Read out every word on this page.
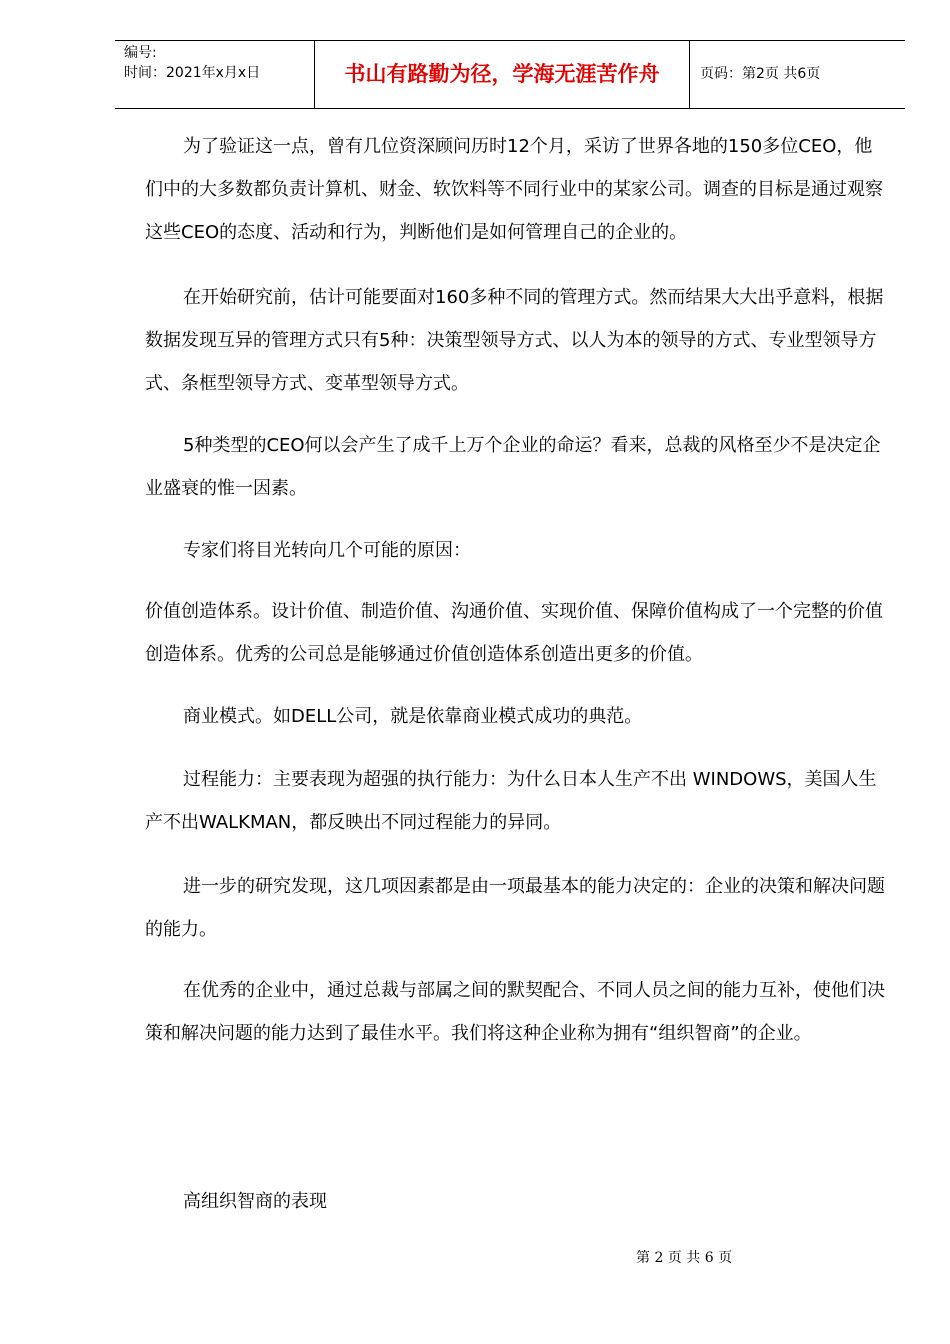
编号:
时间：2021年x月x日	书山有路勤为径，学海无涯苦作舟	页码：第2页 共6页

为了验证这一点，曾有几位资深顾问历时12个月，采访了世界各地的150多位CEO，他们中的大多数都负责计算机、财金、软饮料等不同行业中的某家公司。调查的目标是通过观察这些CEO的态度、活动和行为，判断他们是如何管理自己的企业的。

在开始研究前，估计可能要面对160多种不同的管理方式。然而结果大大出乎意料，根据数据发现互异的管理方式只有5种：决策型领导方式、以人为本的领导的方式、专业型领导方式、条框型领导方式、变革型领导方式。

5种类型的CEO何以会产生了成千上万个企业的命运？看来，总裁的风格至少不是决定企业盛衰的惟一因素。

专家们将目光转向几个可能的原因：

价值创造体系。设计价值、制造价值、沟通价值、实现价值、保障价值构成了一个完整的价值创造体系。优秀的公司总是能够通过价值创造体系创造出更多的价值。

商业模式。如DELL公司，就是依靠商业模式成功的典范。

过程能力：主要表现为超强的执行能力：为什么日本人生产不出 WINDOWS，美国人生产不出WALKMAN，都反映出不同过程能力的异同。

进一步的研究发现，这几项因素都是由一项最基本的能力决定的：企业的决策和解决问题的能力。

在优秀的企业中，通过总裁与部属之间的默契配合、不同人员之间的能力互补，使他们决策和解决问题的能力达到了最佳水平。我们将这种企业称为拥有“组织智商”的企业。

高组织智商的表现

第 2 页 共 6 页
